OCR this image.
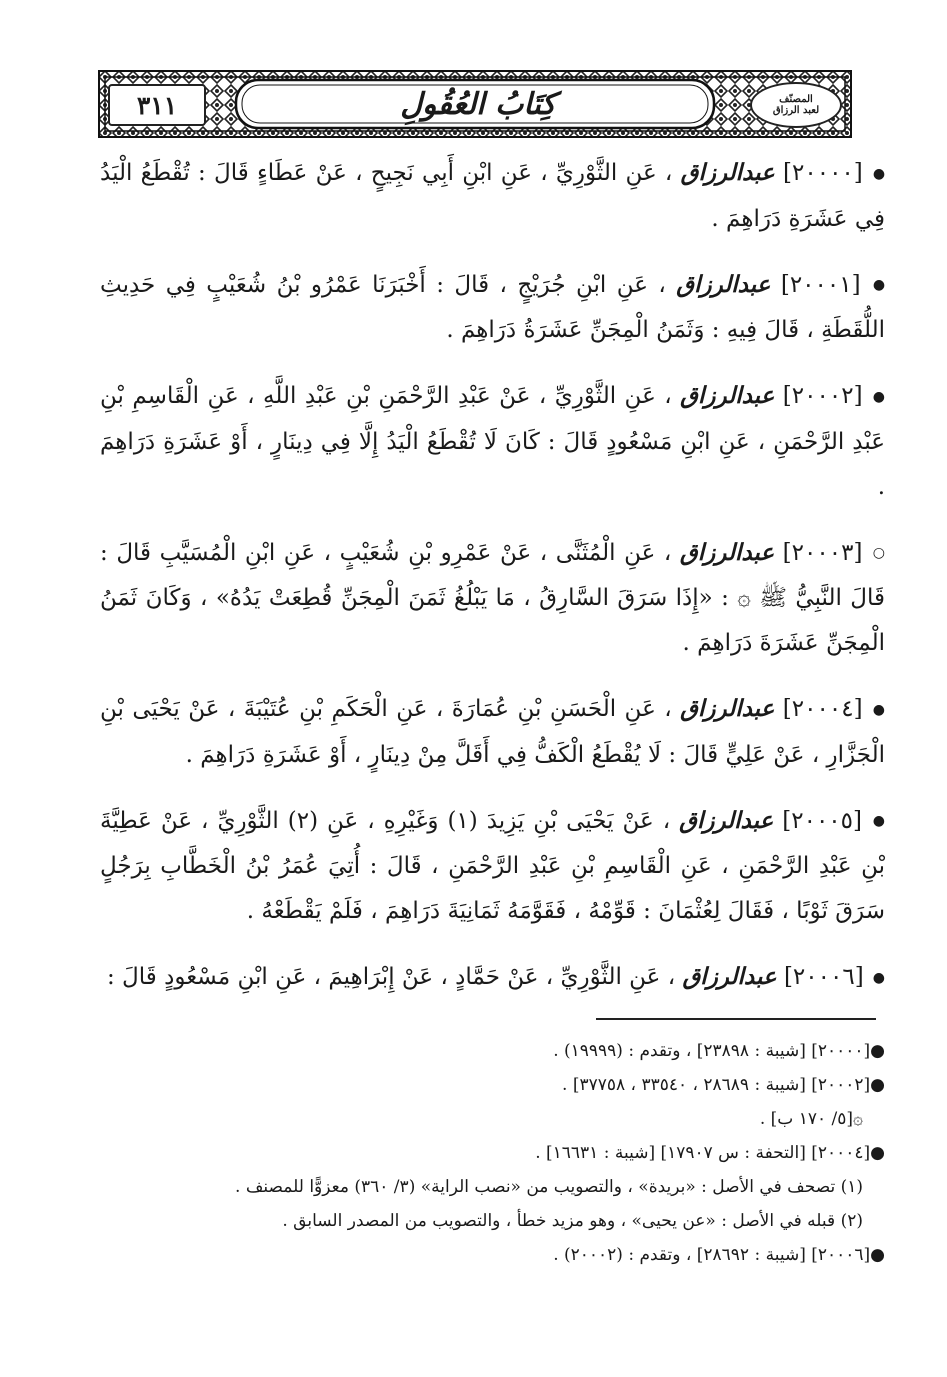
٣١١	كِتَابُ العُقُولِ	المصنّف
لعبد الرزاق

● [٢٠٠٠٠] عبدالرزاق ، عَنِ الثَّوْرِيِّ ، عَنِ ابْنِ أَبِي نَجِيحٍ ، عَنْ عَطَاءٍ قَالَ : تُقْطَعُ الْيَدُ فِي عَشَرَةِ دَرَاهِمَ .

● [٢٠٠٠١] عبدالرزاق ، عَنِ ابْنِ جُرَيْجٍ ، قَالَ : أَخْبَرَنَا عَمْرُو بْنُ شُعَيْبٍ فِي حَدِيثِ اللُّقَطَةِ ، قَالَ فِيهِ : وَثَمَنُ الْمِجَنِّ عَشَرَةُ دَرَاهِمَ .

● [٢٠٠٠٢] عبدالرزاق ، عَنِ الثَّوْرِيِّ ، عَنْ عَبْدِ الرَّحْمَنِ بْنِ عَبْدِ اللَّهِ ، عَنِ الْقَاسِمِ بْنِ عَبْدِ الرَّحْمَنِ ، عَنِ ابْنِ مَسْعُودٍ قَالَ : كَانَ لَا تُقْطَعُ الْيَدُ إِلَّا فِي دِينَارٍ ، أَوْ عَشَرَةِ دَرَاهِمَ .

○ [٢٠٠٠٣] عبدالرزاق ، عَنِ الْمُثَنَّى ، عَنْ عَمْرِو بْنِ شُعَيْبٍ ، عَنِ ابْنِ الْمُسَيَّبِ قَالَ : قَالَ النَّبِيُّ ﷺ ۞ : «إِذَا سَرَقَ السَّارِقُ ، مَا يَبْلُغُ ثَمَنَ الْمِجَنِّ قُطِعَتْ يَدُهُ» ، وَكَانَ ثَمَنُ الْمِجَنِّ عَشَرَةَ دَرَاهِمَ .

● [٢٠٠٠٤] عبدالرزاق ، عَنِ الْحَسَنِ بْنِ عُمَارَةَ ، عَنِ الْحَكَمِ بْنِ عُتَيْبَةَ ، عَنْ يَحْيَى بْنِ الْجَزَّارِ ، عَنْ عَلِيٍّ قَالَ : لَا يُقْطَعُ الْكَفُّ فِي أَقَلَّ مِنْ دِينَارٍ ، أَوْ عَشَرَةِ دَرَاهِمَ .

● [٢٠٠٠٥] عبدالرزاق ، عَنْ يَحْيَى بْنِ يَزِيدَ (١) وَغَيْرِهِ ، عَنِ (٢) الثَّوْرِيِّ ، عَنْ عَطِيَّةَ بْنِ عَبْدِ الرَّحْمَنِ ، عَنِ الْقَاسِمِ بْنِ عَبْدِ الرَّحْمَنِ ، قَالَ : أُتِيَ عُمَرُ بْنُ الْخَطَّابِ بِرَجُلٍ سَرَقَ ثَوْبًا ، فَقَالَ لِعُثْمَانَ : قَوِّمْهُ ، فَقَوَّمَهُ ثَمَانِيَةَ دَرَاهِمَ ، فَلَمْ يَقْطَعْهُ .

● [٢٠٠٠٦] عبدالرزاق ، عَنِ الثَّوْرِيِّ ، عَنْ حَمَّادٍ ، عَنْ إِبْرَاهِيمَ ، عَنِ ابْنِ مَسْعُودٍ قَالَ :

●[٢٠٠٠٠] [شيبة : ٢٣٨٩٨] ، وتقدم : (١٩٩٩٩) .
●[٢٠٠٠٢] [شيبة : ٢٨٦٨٩ ، ٣٣٥٤٠ ، ٣٧٧٥٨] .
۞[٥/ ١٧٠ ب] .
●[٢٠٠٠٤] [التحفة : س ١٧٩٠٧] [شيبة : ١٦٦٣١] .
(١) تصحف في الأصل : «بريدة» ، والتصويب من «نصب الراية» (٣/ ٣٦٠) معزوًّا للمصنف .
(٢) قبله في الأصل : «عن يحيى» ، وهو مزيد خطأ ، والتصويب من المصدر السابق .
●[٢٠٠٠٦] [شيبة : ٢٨٦٩٢] ، وتقدم : (٢٠٠٠٢) .
